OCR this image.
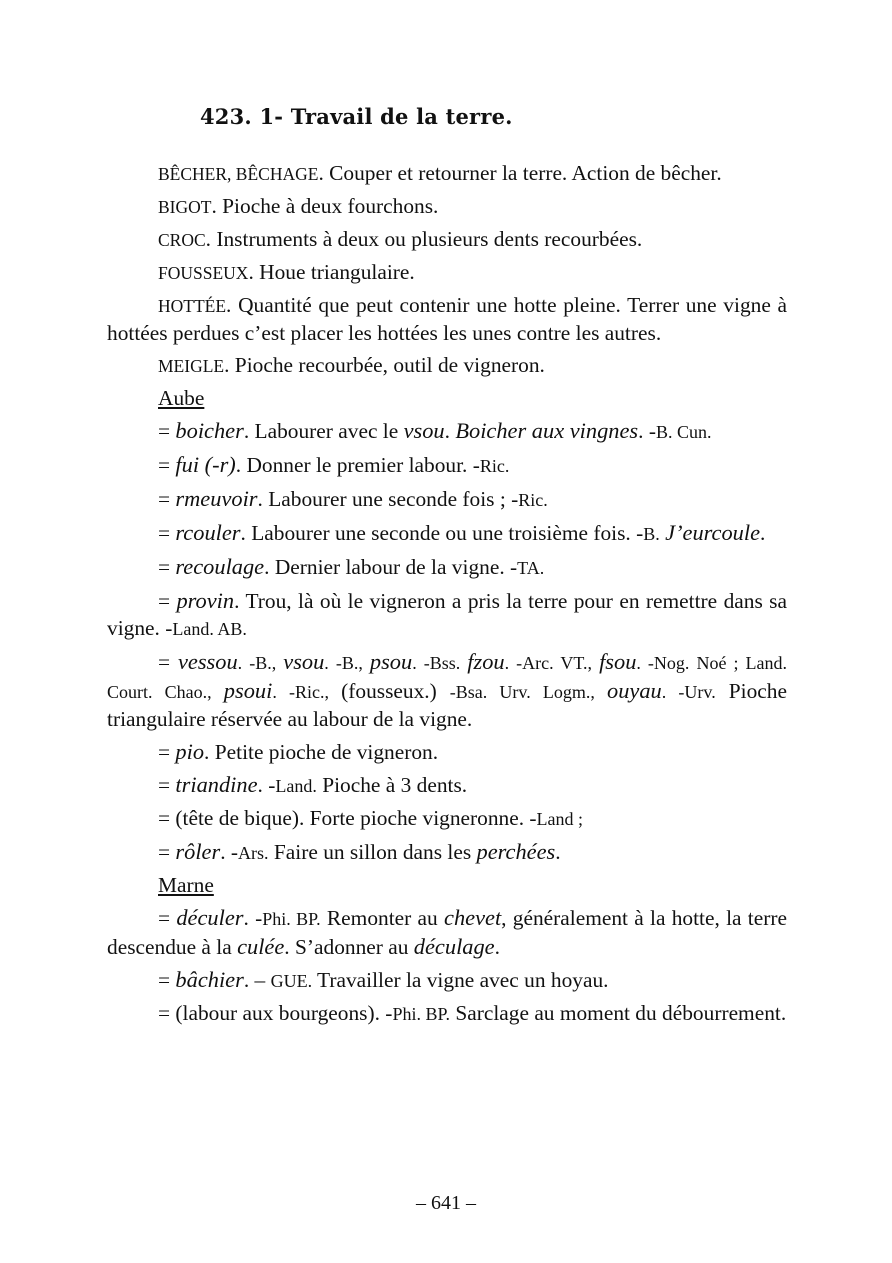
423. 1- Travail de la terre.

BÊCHER, BÊCHAGE. Couper et retourner la terre. Action de bêcher.

BIGOT. Pioche à deux fourchons.

CROC. Instruments à deux ou plusieurs dents recourbées.

FOUSSEUX. Houe triangulaire.

HOTTÉE. Quantité que peut contenir une hotte pleine. Terrer une vigne à hottées perdues c’est placer les hottées les unes contre les autres.

MEIGLE. Pioche recourbée, outil de vigneron.

Aube

= boicher. Labourer avec le vsou. Boicher aux vingnes. -B. Cun.

= fui (-r). Donner le premier labour. -Ric.

= rmeuvoir. Labourer une seconde fois ; -Ric.

= rcouler. Labourer une seconde ou une troisième fois. -B. J’eurcoule.

= recoulage. Dernier labour de la vigne. -TA.

= provin. Trou, là où le vigneron a pris la terre pour en remettre dans sa vigne. -Land. AB.

= vessou. -B., vsou. -B., psou. -Bss. fzou. -Arc. VT., fsou. -Nog. Noé ; Land. Court. Chao., psoui. -Ric., (fousseux.) -Bsa. Urv. Logm., ouyau. -Urv. Pioche triangulaire réservée au labour de la vigne.

= pio. Petite pioche de vigneron.

= triandine. -Land. Pioche à 3 dents.

= (tête de bique). Forte pioche vigneronne. -Land ;

= rôler. -Ars. Faire un sillon dans les perchées.

Marne

= déculer. -Phi. BP. Remonter au chevet, généralement à la hotte, la terre descendue à la culée. S’adonner au déculage.

= bâchier. – GUE. Travailler la vigne avec un hoyau.

= (labour aux bourgeons). -Phi. BP. Sarclage au moment du débourrement.

– 641 –
